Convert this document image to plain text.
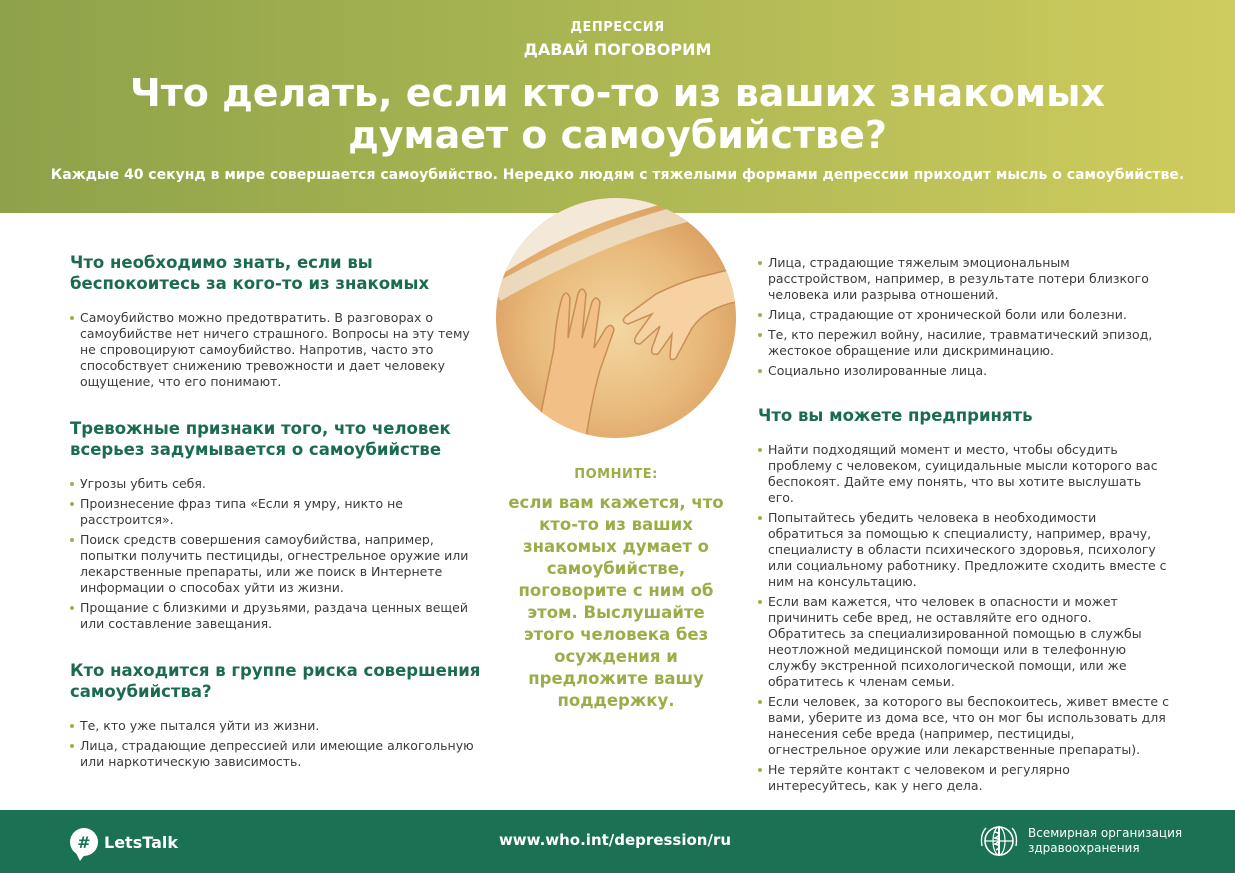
ДЕПРЕССИЯ
ДАВАЙ ПОГОВОРИМ
Что делать, если кто-то из ваших знакомых
думает о самоубийстве?
Каждые 40 секунд в мире совершается самоубийство. Нередко людям с тяжелыми формами депрессии приходит мысль о самоубийстве.
Что необходимо знать, если вы беспокоитесь за кого-то из знакомых
Самоубийство можно предотвратить. В разговорах о самоубийстве нет ничего страшного. Вопросы на эту тему не спровоцируют самоубийство. Напротив, часто это способствует снижению тревожности и дает человеку ощущение, что его понимают.
Тревожные признаки того, что человек всерьез задумывается о самоубийстве
Угрозы убить себя.
Произнесение фраз типа «Если я умру, никто не расстроится».
Поиск средств совершения самоубийства, например, попытки получить пестициды, огнестрельное оружие или лекарственные препараты, или же поиск в Интернете информации о способах уйти из жизни.
Прощание с близкими и друзьями, раздача ценных вещей или составление завещания.
Кто находится в группе риска совершения самоубийства?
Те, кто уже пытался уйти из жизни.
Лица, страдающие депрессией или имеющие алкогольную или наркотическую зависимость.
ПОМНИТЕ:
если вам кажется, что кто-то из ваших знакомых думает о самоубийстве, поговорите с ним об этом. Выслушайте этого человека без осуждения и предложите вашу поддержку.
Лица, страдающие тяжелым эмоциональным расстройством, например, в результате потери близкого человека или разрыва отношений.
Лица, страдающие от хронической боли или болезни.
Те, кто пережил войну, насилие, травматический эпизод, жестокое обращение или дискриминацию.
Социально изолированные лица.
Что вы можете предпринять
Найти подходящий момент и место, чтобы обсудить проблему с человеком, суицидальные мысли которого вас беспокоят. Дайте ему понять, что вы хотите выслушать его.
Попытайтесь убедить человека в необходимости обратиться за помощью к специалисту, например, врачу, специалисту в области психического здоровья, психологу или социальному работнику. Предложите сходить вместе с ним на консультацию.
Если вам кажется, что человек в опасности и может причинить себе вред, не оставляйте его одного. Обратитесь за специализированной помощью в службы неотложной медицинской помощи или в телефонную службу экстренной психологической помощи, или же обратитесь к членам семьи.
Если человек, за которого вы беспокоитесь, живет вместе с вами, уберите из дома все, что он мог бы использовать для нанесения себе вреда (например, пестициды, огнестрельное оружие или лекарственные препараты).
Не теряйте контакт с человеком и регулярно интересуйтесь, как у него дела.
# LetsTalk	www.who.int/depression/ru	Всемирная организация
здравоохранения
